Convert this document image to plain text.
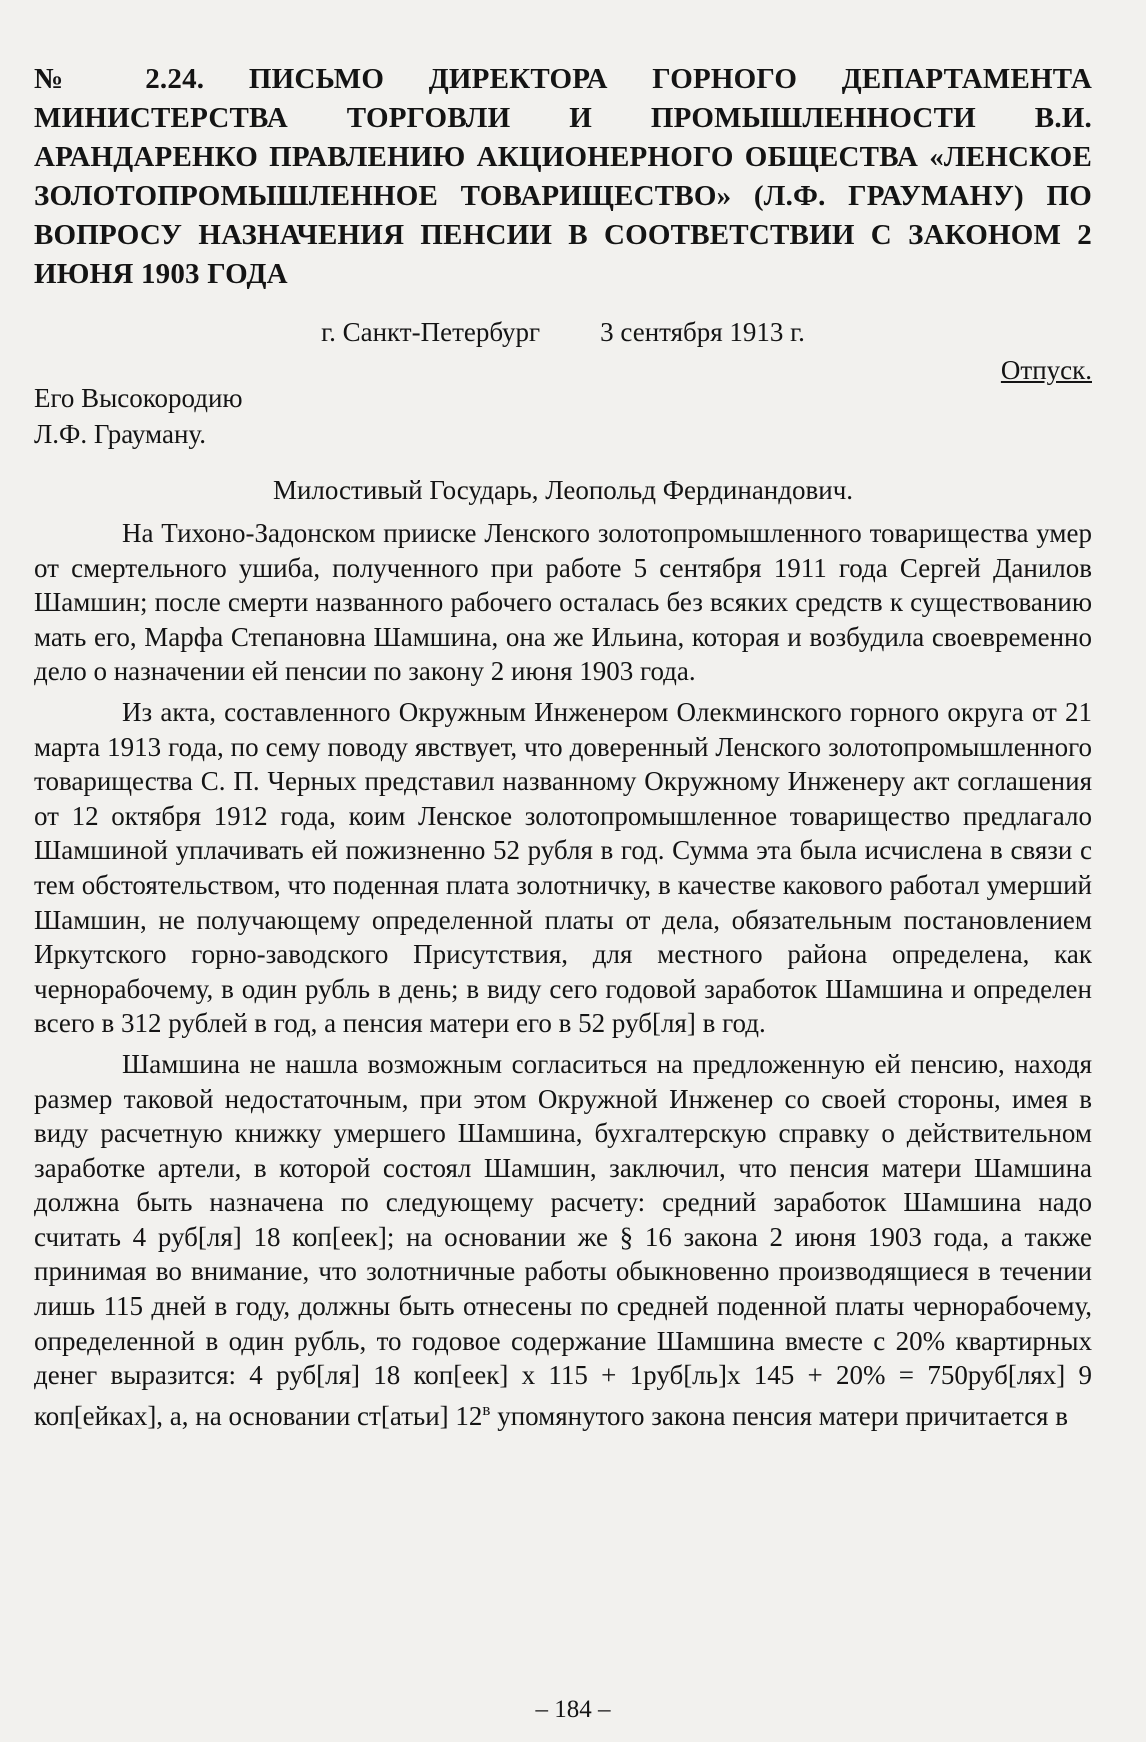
№ 2.24. ПИСЬМО ДИРЕКТОРА ГОРНОГО ДЕПАРТАМЕНТА МИНИСТЕРСТВА ТОРГОВЛИ И ПРОМЫШЛЕННОСТИ В.И. АРАНДАРЕНКО ПРАВЛЕНИЮ АКЦИОНЕРНОГО ОБЩЕСТВА «ЛЕНСКОЕ ЗОЛОТОПРОМЫШЛЕННОЕ ТОВАРИЩЕСТВО» (Л.Ф. ГРАУМАНУ) ПО ВОПРОСУ НАЗНАЧЕНИЯ ПЕНСИИ В СООТВЕТСТВИИ С ЗАКОНОМ 2 ИЮНЯ 1903 ГОДА
г. Санкт-Петербург 3 сентября 1913 г.
Отпуск.
Его Высокородию
Л.Ф. Грауману.
Милостивый Государь, Леопольд Фердинандович.

На Тихоно-Задонском прииске Ленского золотопромышленного товарищества умер от смертельного ушиба, полученного при работе 5 сентября 1911 года Сергей Данилов Шамшин; после смерти названного рабочего осталась без всяких средств к существованию мать его, Марфа Степановна Шамшина, она же Ильина, которая и возбудила своевременно дело о назначении ей пенсии по закону 2 июня 1903 года.

Из акта, составленного Окружным Инженером Олекминского горного округа от 21 марта 1913 года, по сему поводу явствует, что доверенный Ленского золотопромышленного товарищества С. П. Черных представил названному Окружному Инженеру акт соглашения от 12 октября 1912 года, коим Ленское золотопромышленное товарищество предлагало Шамшиной уплачивать ей пожизненно 52 рубля в год. Сумма эта была исчислена в связи с тем обстоятельством, что поденная плата золотничку, в качестве какового работал умерший Шамшин, не получающему определенной платы от дела, обязательным постановлением Иркутского горно-заводского Присутствия, для местного района определена, как чернорабочему, в один рубль в день; в виду сего годовой заработок Шамшина и определен всего в 312 рублей в год, а пенсия матери его в 52 руб[ля] в год.

Шамшина не нашла возможным согласиться на предложенную ей пенсию, находя размер таковой недостаточным, при этом Окружной Инженер со своей стороны, имея в виду расчетную книжку умершего Шамшина, бухгалтерскую справку о действительном заработке артели, в которой состоял Шамшин, заключил, что пенсия матери Шамшина должна быть назначена по следующему расчету: средний заработок Шамшина надо считать 4 руб[ля] 18 коп[еек]; на основании же § 16 закона 2 июня 1903 года, а также принимая во внимание, что золотничные работы обыкновенно производящиеся в течении лишь 115 дней в году, должны быть отнесены по средней поденной платы чернорабочему, определенной в один рубль, то годовое содержание Шамшина вместе с 20% квартирных денег выразится: 4 руб[ля] 18 коп[еек] х 115 + 1руб[ль]х 145 + 20% = 750руб[лях] 9 коп[ейках], а, на основании ст[атьи] $12^в$ упомянутого закона пенсия матери причитается в

– 184 –
